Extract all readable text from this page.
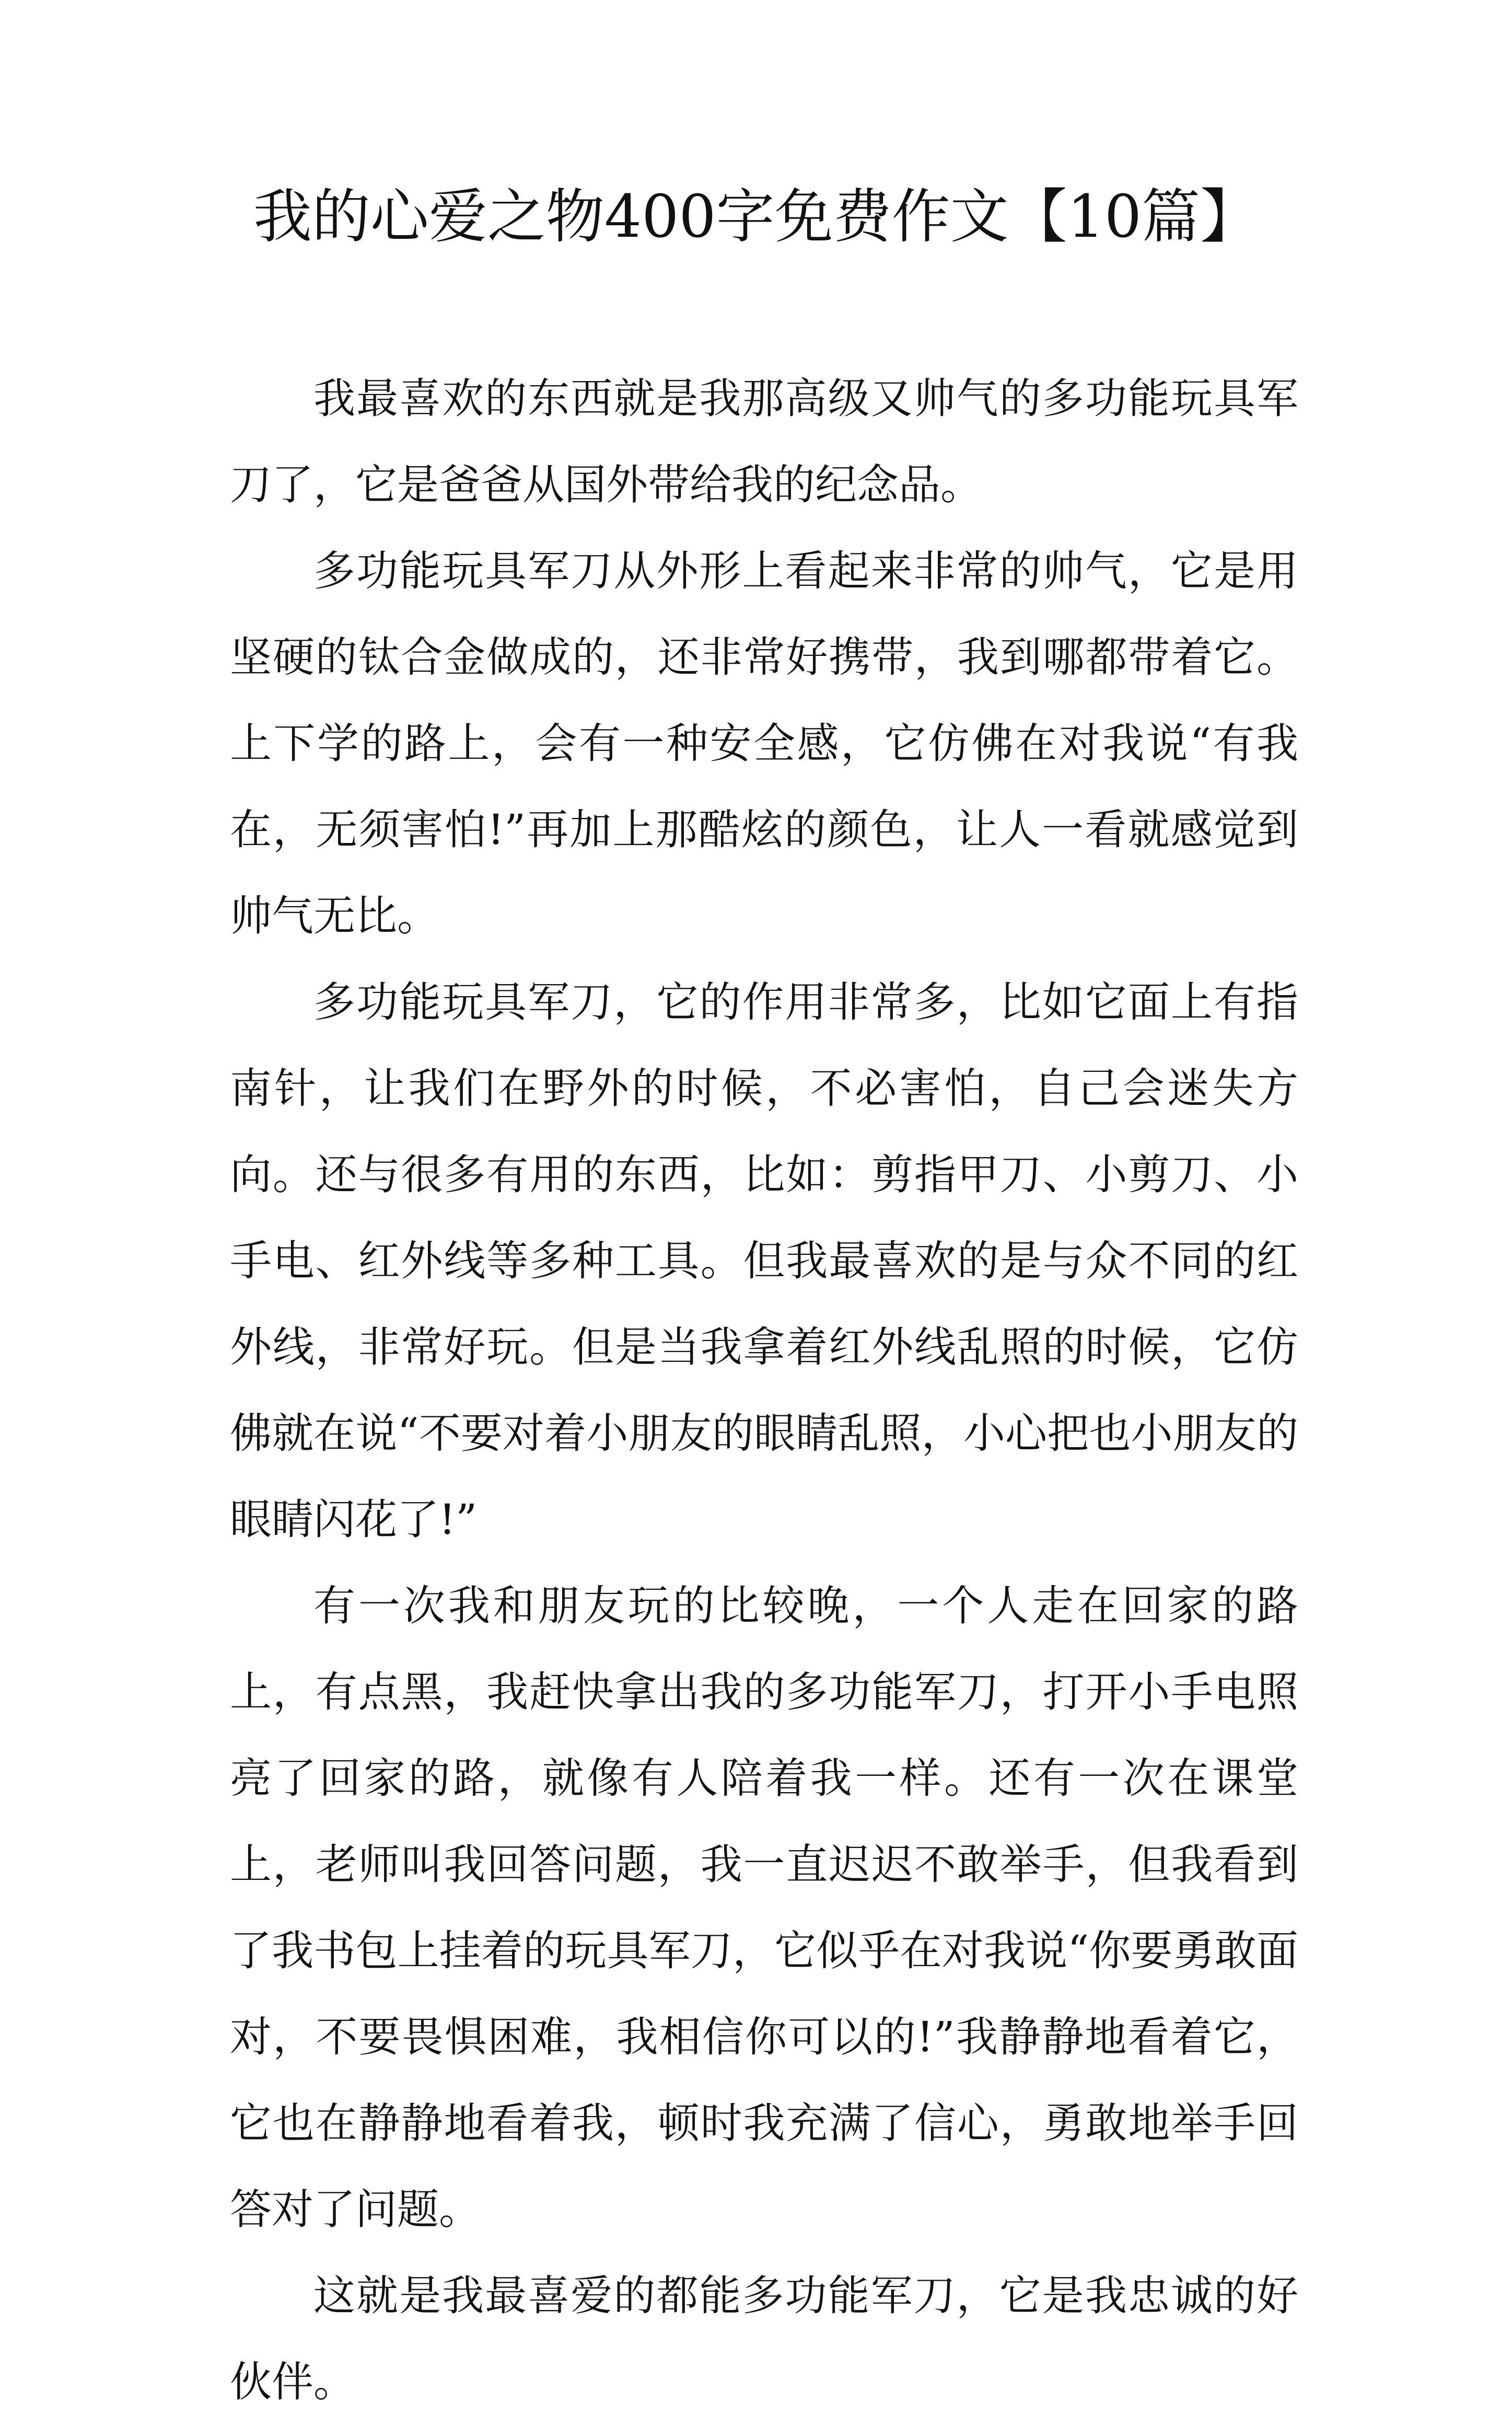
我的心爱之物400字免费作文【10篇】

我最喜欢的东西就是我那高级又帅气的多功能玩具军刀了，它是爸爸从国外带给我的纪念品。

多功能玩具军刀从外形上看起来非常的帅气，它是用坚硬的钛合金做成的，还非常好携带，我到哪都带着它。上下学的路上，会有一种安全感，它仿佛在对我说“有我在，无须害怕!”再加上那酷炫的颜色，让人一看就感觉到帅气无比。

多功能玩具军刀，它的作用非常多，比如它面上有指南针，让我们在野外的时候，不必害怕，自己会迷失方向。还与很多有用的东西，比如：剪指甲刀、小剪刀、小手电、红外线等多种工具。但我最喜欢的是与众不同的红外线，非常好玩。但是当我拿着红外线乱照的时候，它仿佛就在说“不要对着小朋友的眼睛乱照，小心把也小朋友的眼睛闪花了!”

有一次我和朋友玩的比较晚，一个人走在回家的路上，有点黑，我赶快拿出我的多功能军刀，打开小手电照亮了回家的路，就像有人陪着我一样。还有一次在课堂上，老师叫我回答问题，我一直迟迟不敢举手，但我看到了我书包上挂着的玩具军刀，它似乎在对我说“你要勇敢面对，不要畏惧困难，我相信你可以的!”我静静地看着它，它也在静静地看着我，顿时我充满了信心，勇敢地举手回答对了问题。

这就是我最喜爱的都能多功能军刀，它是我忠诚的好伙伴。
